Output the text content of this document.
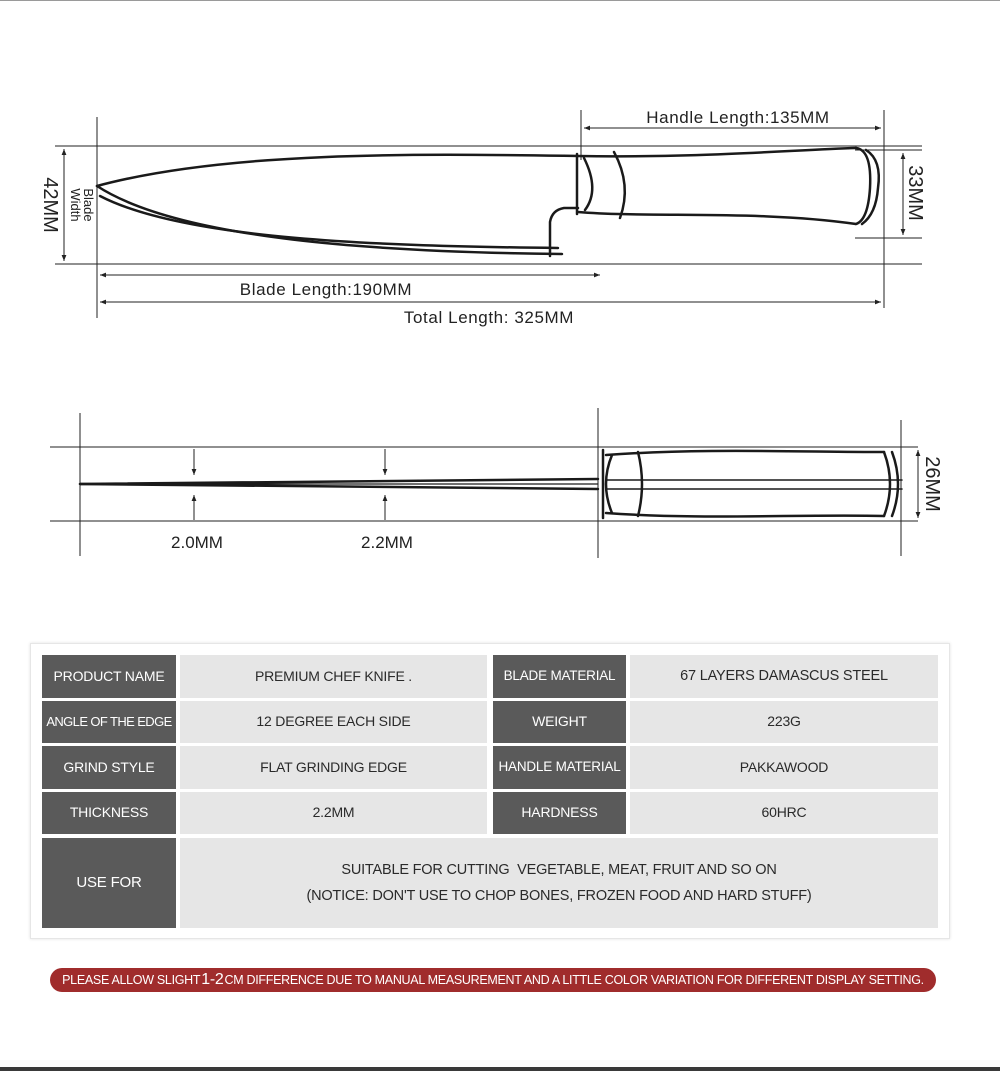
Handle Length:135MM
Blade Length:190MM
Total Length: 325MM
42MM Blade
Width	33MM
2.0MM	2.2MM
26MM
PRODUCT NAME	PREMIUM CHEF KNIFE .	BLADE MATERIAL	67 LAYERS DAMASCUS STEEL
ANGLE OF THE EDGE	12 DEGREE EACH SIDE	WEIGHT	223G
GRIND STYLE	FLAT GRINDING EDGE	HANDLE MATERIAL	PAKKAWOOD
THICKNESS	2.2MM	HARDNESS	60HRC
USE FOR
SUITABLE FOR CUTTING  VEGETABLE, MEAT, FRUIT AND SO ON
(NOTICE: DON'T USE TO CHOP BONES, FROZEN FOOD AND HARD STUFF)
PLEASE ALLOW SLIGHT 1-2 CM DIFFERENCE DUE TO MANUAL MEASUREMENT AND A LITTLE COLOR VARIATION FOR DIFFERENT DISPLAY SETTING.
